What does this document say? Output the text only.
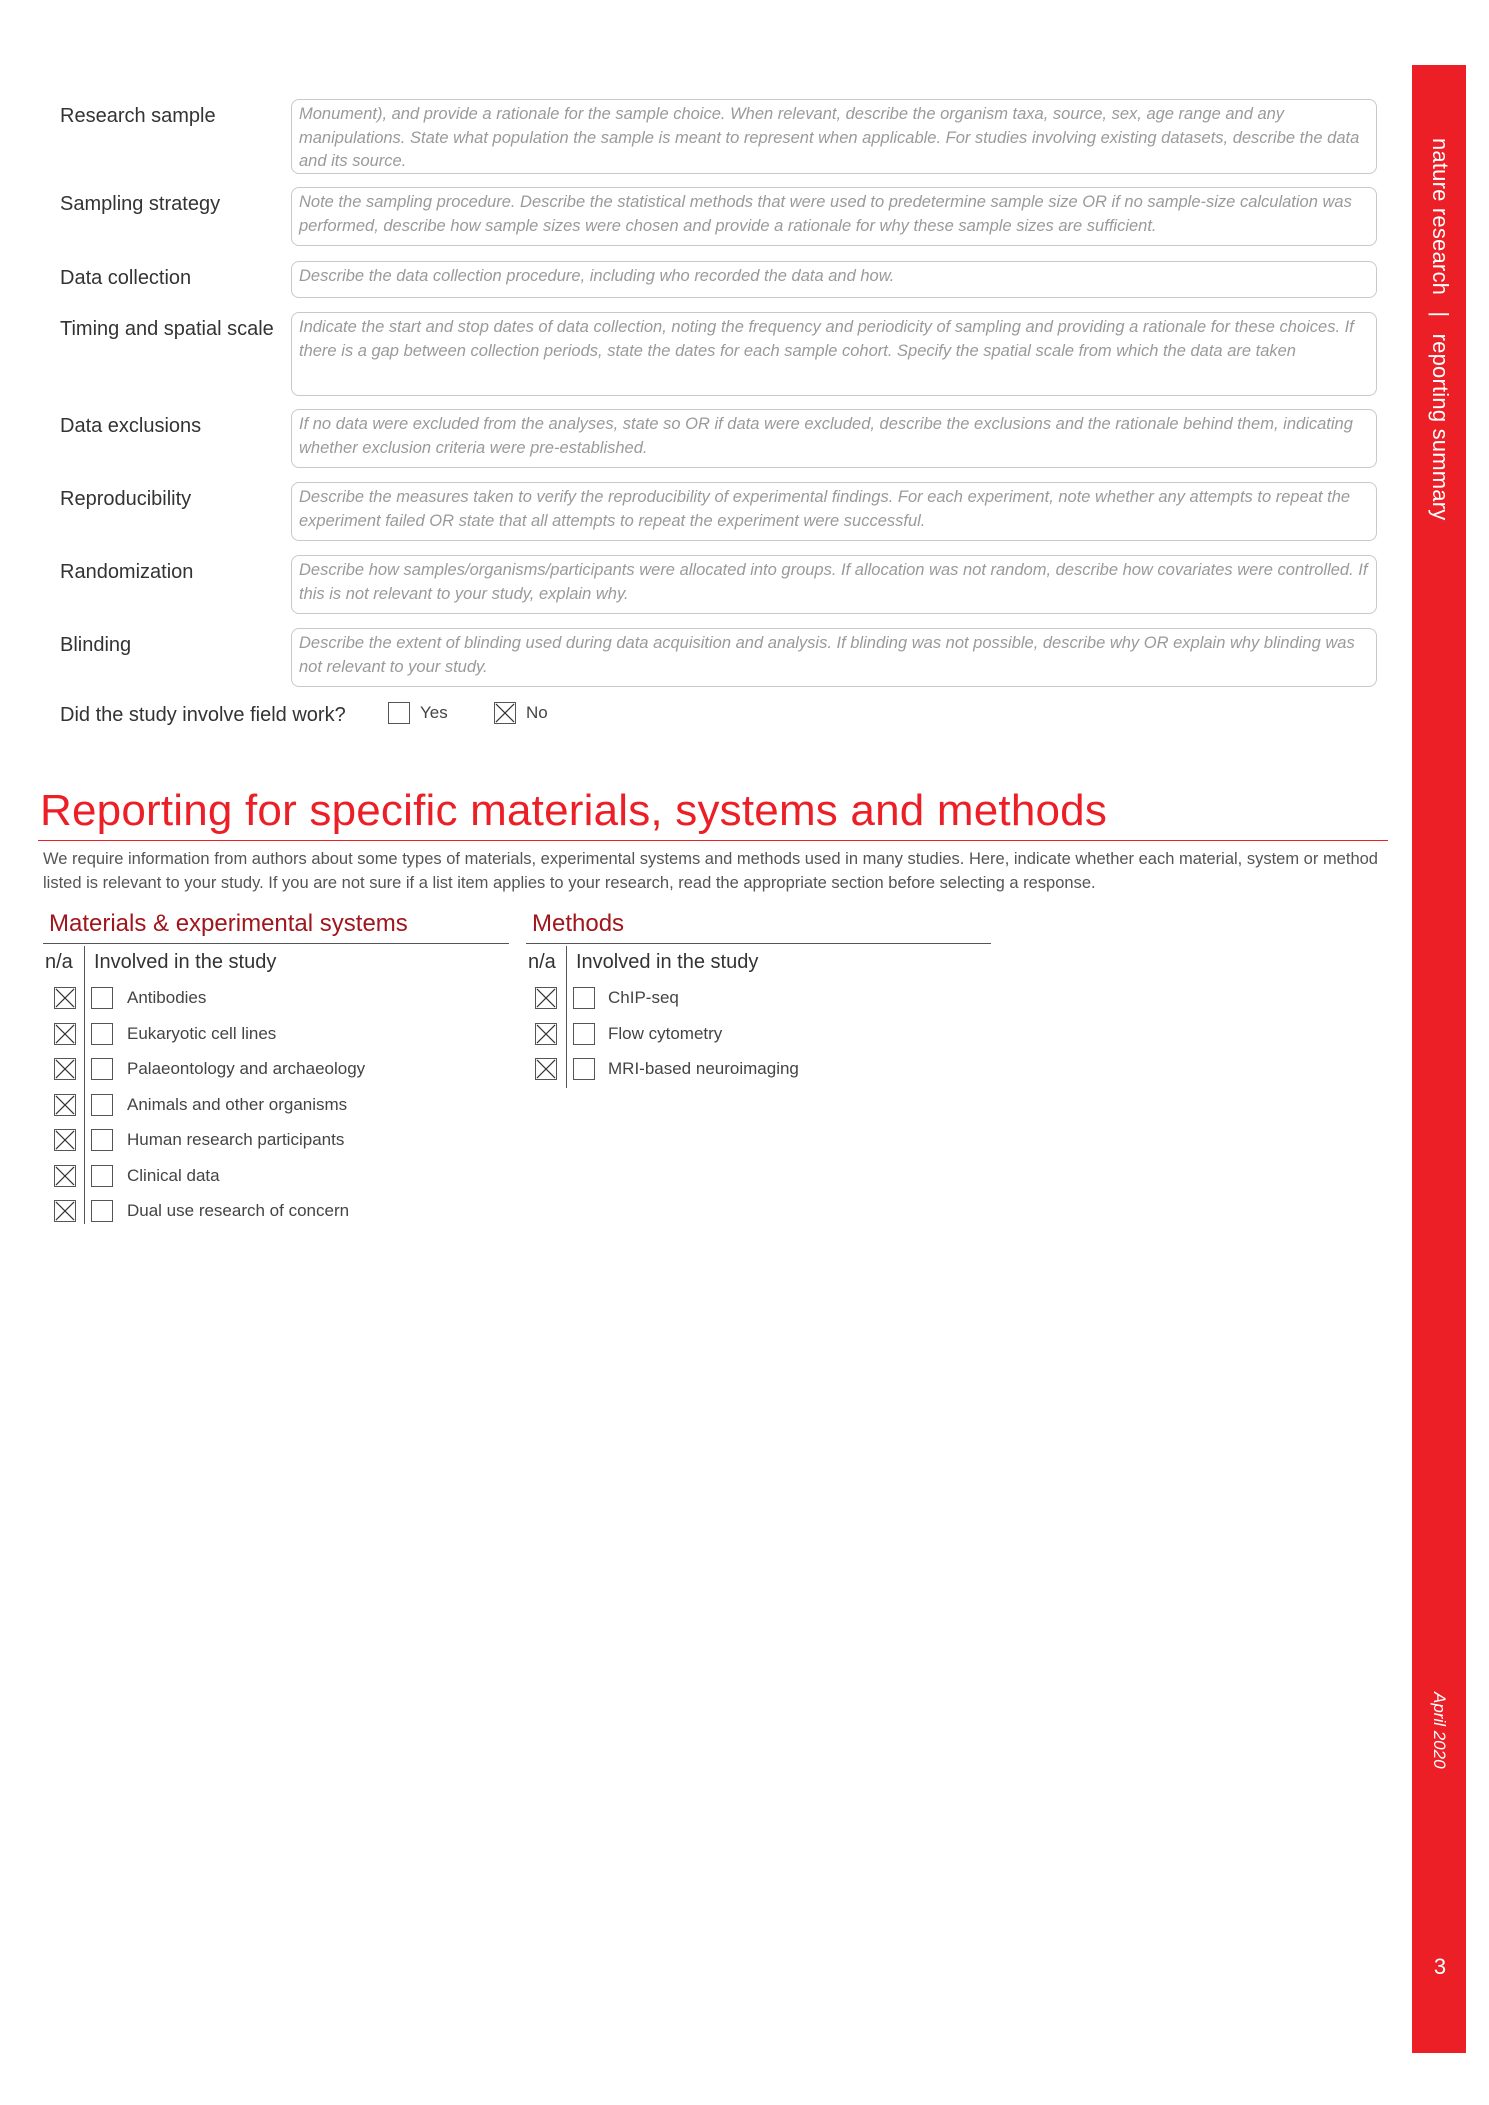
nature research | reporting summary
April 2020
3
Research sample	Monument), and provide a rationale for the sample choice. When relevant, describe the organism taxa, source, sex, age range and any manipulations. State what population the sample is meant to represent when applicable. For studies involving existing datasets, describe the data and its source.
Sampling strategy	Note the sampling procedure. Describe the statistical methods that were used to predetermine sample size OR if no sample-size calculation was performed, describe how sample sizes were chosen and provide a rationale for why these sample sizes are sufficient.
Data collection	Describe the data collection procedure, including who recorded the data and how.
Timing and spatial scale	Indicate the start and stop dates of data collection, noting the frequency and periodicity of sampling and providing a rationale for these choices. If there is a gap between collection periods, state the dates for each sample cohort. Specify the spatial scale from which the data are taken
Data exclusions	If no data were excluded from the analyses, state so OR if data were excluded, describe the exclusions and the rationale behind them, indicating whether exclusion criteria were pre-established.
Reproducibility	Describe the measures taken to verify the reproducibility of experimental findings. For each experiment, note whether any attempts to repeat the experiment failed OR state that all attempts to repeat the experiment were successful.
Randomization	Describe how samples/organisms/participants were allocated into groups. If allocation was not random, describe how covariates were controlled. If this is not relevant to your study, explain why.
Blinding	Describe the extent of blinding used during data acquisition and analysis. If blinding was not possible, describe why OR explain why blinding was not relevant to your study.
Did the study involve field work?	Yes	No
Reporting for specific materials, systems and methods
We require information from authors about some types of materials, experimental systems and methods used in many studies. Here, indicate whether each material, system or method listed is relevant to your study. If you are not sure if a list item applies to your research, read the appropriate section before selecting a response.
Materials & experimental systems
n/a Involved in the study
Antibodies
Eukaryotic cell lines
Palaeontology and archaeology
Animals and other organisms
Human research participants
Clinical data
Dual use research of concern
Methods
n/a Involved in the study
ChIP-seq
Flow cytometry
MRI-based neuroimaging
